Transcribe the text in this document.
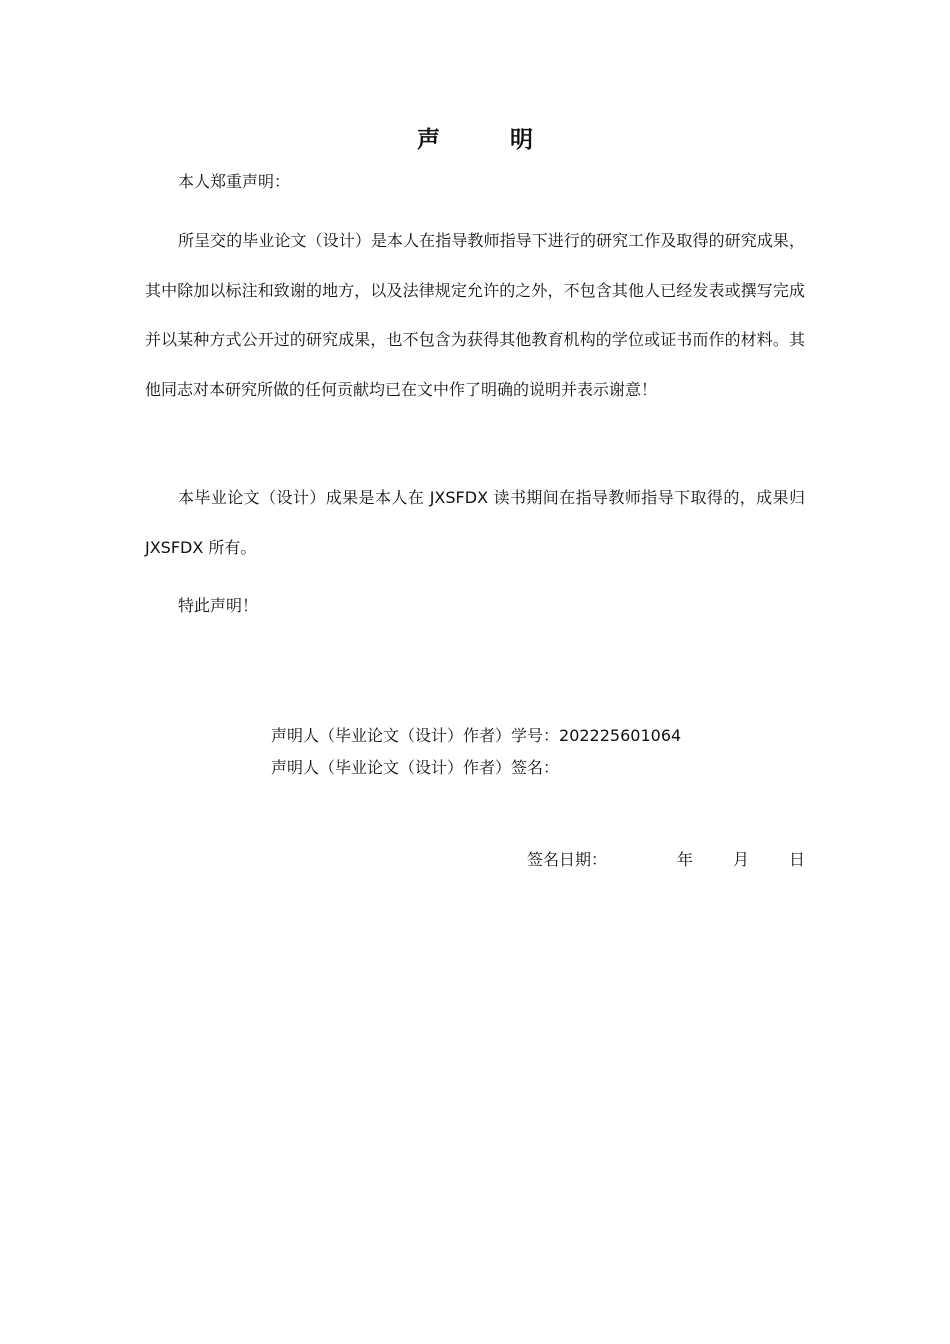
声	明
本人郑重声明：

所呈交的毕业论文（设计）是本人在指导教师指导下进行的研究工作及取得的研究成果，其中除加以标注和致谢的地方，以及法律规定允许的之外，不包含其他人已经发表或撰写完成并以某种方式公开过的研究成果，也不包含为获得其他教育机构的学位或证书而作的材料。其他同志对本研究所做的任何贡献均已在文中作了明确的说明并表示谢意！

本毕业论文（设计）成果是本人在 JXSFDX 读书期间在指导教师指导下取得的，成果归 JXSFDX 所有。

特此声明！
声明人（毕业论文（设计）作者）学号：202225601064
声明人（毕业论文（设计）作者）签名：
签名日期：	年	月	日
